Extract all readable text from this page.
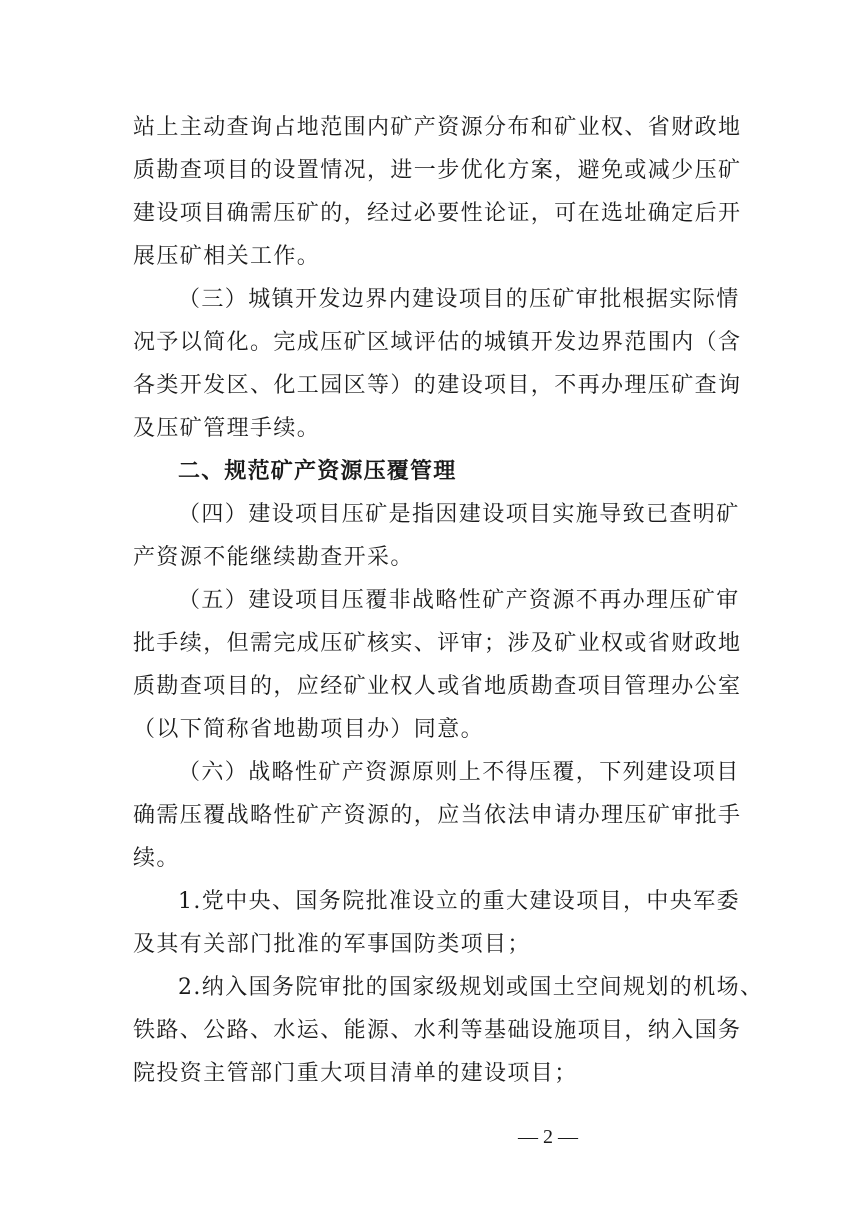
站上主动查询占地范围内矿产资源分布和矿业权、省财政地
质勘查项目的设置情况，进一步优化方案，避免或减少压矿
建设项目确需压矿的，经过必要性论证，可在选址确定后开
展压矿相关工作。
（三）城镇开发边界内建设项目的压矿审批根据实际情
况予以简化。完成压矿区域评估的城镇开发边界范围内（含
各类开发区、化工园区等）的建设项目，不再办理压矿查询
及压矿管理手续。
二、规范矿产资源压覆管理
（四）建设项目压矿是指因建设项目实施导致已查明矿
产资源不能继续勘查开采。
（五）建设项目压覆非战略性矿产资源不再办理压矿审
批手续，但需完成压矿核实、评审；涉及矿业权或省财政地
质勘查项目的，应经矿业权人或省地质勘查项目管理办公室
（以下简称省地勘项目办）同意。
（六）战略性矿产资源原则上不得压覆，下列建设项目
确需压覆战略性矿产资源的，应当依法申请办理压矿审批手
续。
1.党中央、国务院批准设立的重大建设项目，中央军委
及其有关部门批准的军事国防类项目；
2.纳入国务院审批的国家级规划或国土空间规划的机场、
铁路、公路、水运、能源、水利等基础设施项目，纳入国务
院投资主管部门重大项目清单的建设项目；
— 2 —
